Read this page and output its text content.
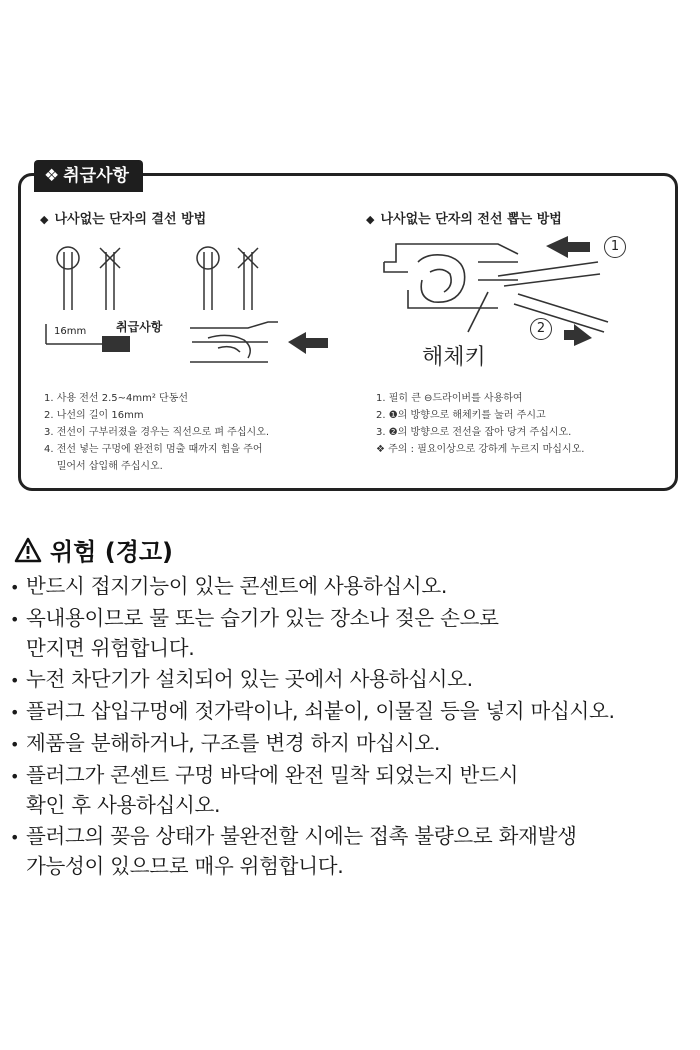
❖ 취급사항
◆ 나사없는 단자의 결선 방법
16mm 취급사항
1. 사용 전선 2.5~4mm² 단동선
2. 나선의 길이 16mm
3. 전선이 구부러졌을 경우는 직선으로 펴 주십시오.
4. 전선 넣는 구멍에 완전히 멈출 때까지 힘을 주어
밀어서 삽입해 주십시오.
◆ 나사없는 단자의 전선 뽑는 방법
1
2
해체키
1. 필히 큰 ⊖드라이버를 사용하여
2. ❶의 방향으로 해체키를 눌러 주시고
3. ❷의 방향으로 전선을 잡아 당겨 주십시오.
❖ 주의 : 필요이상으로 강하게 누르지 마십시오.
위험 (경고)
• 반드시 접지기능이 있는 콘센트에 사용하십시오.
• 옥내용이므로 물 또는 습기가 있는 장소나 젖은 손으로
만지면 위험합니다.
• 누전 차단기가 설치되어 있는 곳에서 사용하십시오.
• 플러그 삽입구멍에 젓가락이나, 쇠붙이, 이물질 등을 넣지 마십시오.
• 제품을 분해하거나, 구조를 변경 하지 마십시오.
• 플러그가 콘센트 구멍 바닥에 완전 밀착 되었는지 반드시
확인 후 사용하십시오.
• 플러그의 꽂음 상태가 불완전할 시에는 접촉 불량으로 화재발생
가능성이 있으므로 매우 위험합니다.
